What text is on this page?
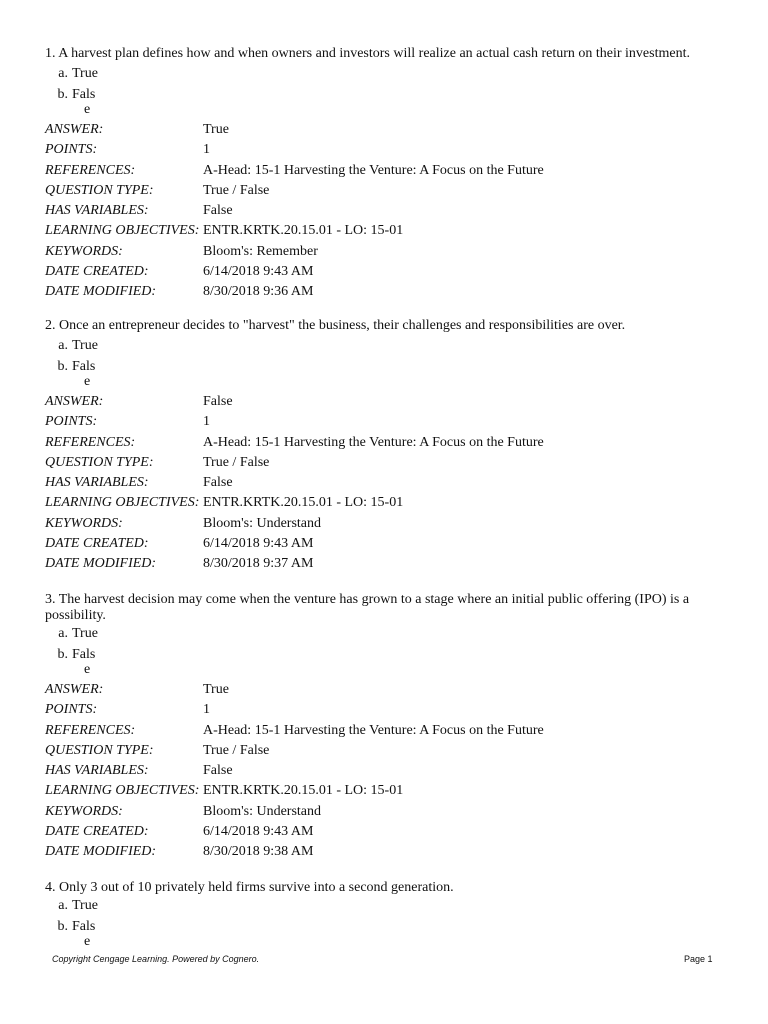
1. A harvest plan defines how and when owners and investors will realize an actual cash return on their investment.

a. True
b. Fals
e
ANSWER:	True
POINTS:	1
REFERENCES:	A-Head: 15-1 Harvesting the Venture: A Focus on the Future
QUESTION TYPE:	True / False
HAS VARIABLES:	False
LEARNING OBJECTIVES: ENTR.KRTK.20.15.01 - LO: 15-01
KEYWORDS:	Bloom's: Remember
DATE CREATED:	6/14/2018 9:43 AM
DATE MODIFIED:	8/30/2018 9:36 AM

2. Once an entrepreneur decides to "harvest" the business, their challenges and responsibilities are over.

a. True
b. Fals
e
ANSWER:	False
POINTS:	1
REFERENCES:	A-Head: 15-1 Harvesting the Venture: A Focus on the Future
QUESTION TYPE:	True / False
HAS VARIABLES:	False
LEARNING OBJECTIVES: ENTR.KRTK.20.15.01 - LO: 15-01
KEYWORDS:	Bloom's: Understand
DATE CREATED:	6/14/2018 9:43 AM
DATE MODIFIED:	8/30/2018 9:37 AM

3. The harvest decision may come when the venture has grown to a stage where an initial public offering (IPO) is a possibility.

a. True
b. Fals
e
ANSWER:	True
POINTS:	1
REFERENCES:	A-Head: 15-1 Harvesting the Venture: A Focus on the Future
QUESTION TYPE:	True / False
HAS VARIABLES:	False
LEARNING OBJECTIVES: ENTR.KRTK.20.15.01 - LO: 15-01
KEYWORDS:	Bloom's: Understand
DATE CREATED:	6/14/2018 9:43 AM
DATE MODIFIED:	8/30/2018 9:38 AM

4. Only 3 out of 10 privately held firms survive into a second generation.

a. True
b. Fals
e
Copyright Cengage Learning. Powered by Cognero.	Page 1
